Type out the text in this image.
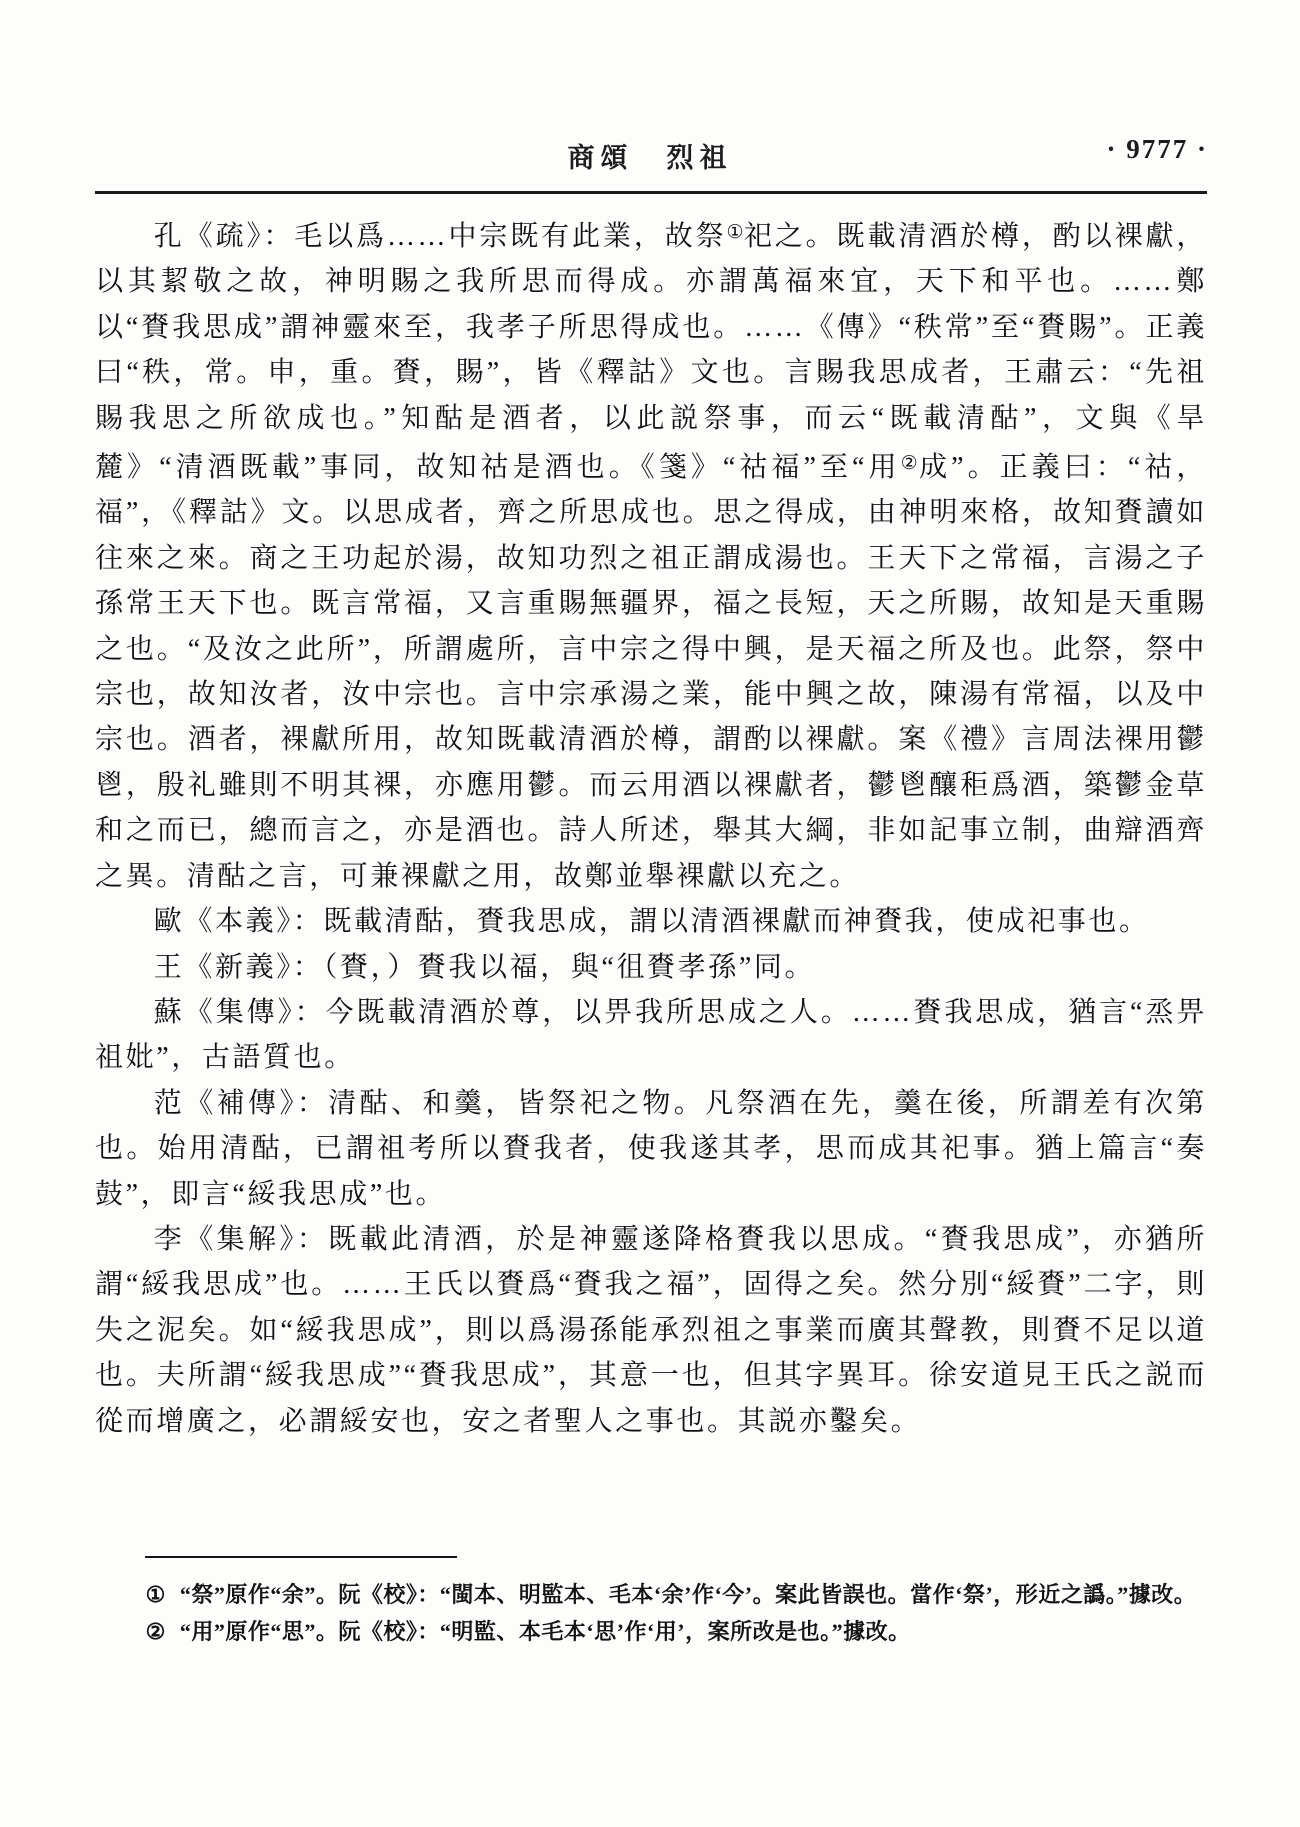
商頌　烈祖	· 9777 ·

孔《疏》：毛以爲……中宗既有此業，故祭①祀之。既載清酒於樽，酌以裸獻，以其絜敬之故，神明賜之我所思而得成。亦謂萬福來宜，天下和平也。……鄭以“賚我思成”謂神靈來至，我孝子所思得成也。……《傳》“秩常”至“賚賜”。正義曰“秩，常。申，重。賚，賜”，皆《釋詁》文也。言賜我思成者，王肅云：“先祖賜我思之所欲成也。”知酤是酒者，以此説祭事，而云“既載清酤”，文與《旱麓》“清酒既載”事同，故知祜是酒也。《箋》“祜福”至“用②成”。正義曰：“祜，福”，《釋詁》文。以思成者，齊之所思成也。思之得成，由神明來格，故知賚讀如往來之來。商之王功起於湯，故知功烈之祖正謂成湯也。王天下之常福，言湯之子孫常王天下也。既言常福，又言重賜無疆界，福之長短，天之所賜，故知是天重賜之也。“及汝之此所”，所謂處所，言中宗之得中興，是天福之所及也。此祭，祭中宗也，故知汝者，汝中宗也。言中宗承湯之業，能中興之故，陳湯有常福，以及中宗也。酒者，裸獻所用，故知既載清酒於樽，謂酌以裸獻。案《禮》言周法裸用鬱鬯，殷礼雖則不明其裸，亦應用鬱。而云用酒以裸獻者，鬱鬯釀秬爲酒，築鬱金草和之而已，總而言之，亦是酒也。詩人所述，舉其大綱，非如記事立制，曲辯酒齊之異。清酤之言，可兼裸獻之用，故鄭並舉裸獻以充之。

歐《本義》：既載清酤，賚我思成，謂以清酒裸獻而神賚我，使成祀事也。

王《新義》：（賚，）賚我以福，與“徂賚孝孫”同。

蘇《集傳》：今既載清酒於尊，以畀我所思成之人。……賚我思成，猶言“烝畀祖妣”，古語質也。

范《補傳》：清酤、和羹，皆祭祀之物。凡祭酒在先，羹在後，所謂差有次第也。始用清酤，已謂祖考所以賚我者，使我遂其孝，思而成其祀事。猶上篇言“奏鼓”，即言“綏我思成”也。

李《集解》：既載此清酒，於是神靈遂降格賚我以思成。“賚我思成”，亦猶所謂“綏我思成”也。……王氏以賚爲“賚我之福”，固得之矣。然分別“綏賚”二字，則失之泥矣。如“綏我思成”，則以爲湯孫能承烈祖之事業而廣其聲教，則賚不足以道也。夫所謂“綏我思成”“賚我思成”，其意一也，但其字異耳。徐安道見王氏之説而從而增廣之，必謂綏安也，安之者聖人之事也。其説亦鑿矣。

① “祭”原作“余”。阮《校》：“閩本、明監本、毛本‘余’作‘今’。案此皆誤也。當作‘祭’，形近之譌。”據改。

② “用”原作“思”。阮《校》：“明監、本毛本‘思’作‘用’，案所改是也。”據改。
